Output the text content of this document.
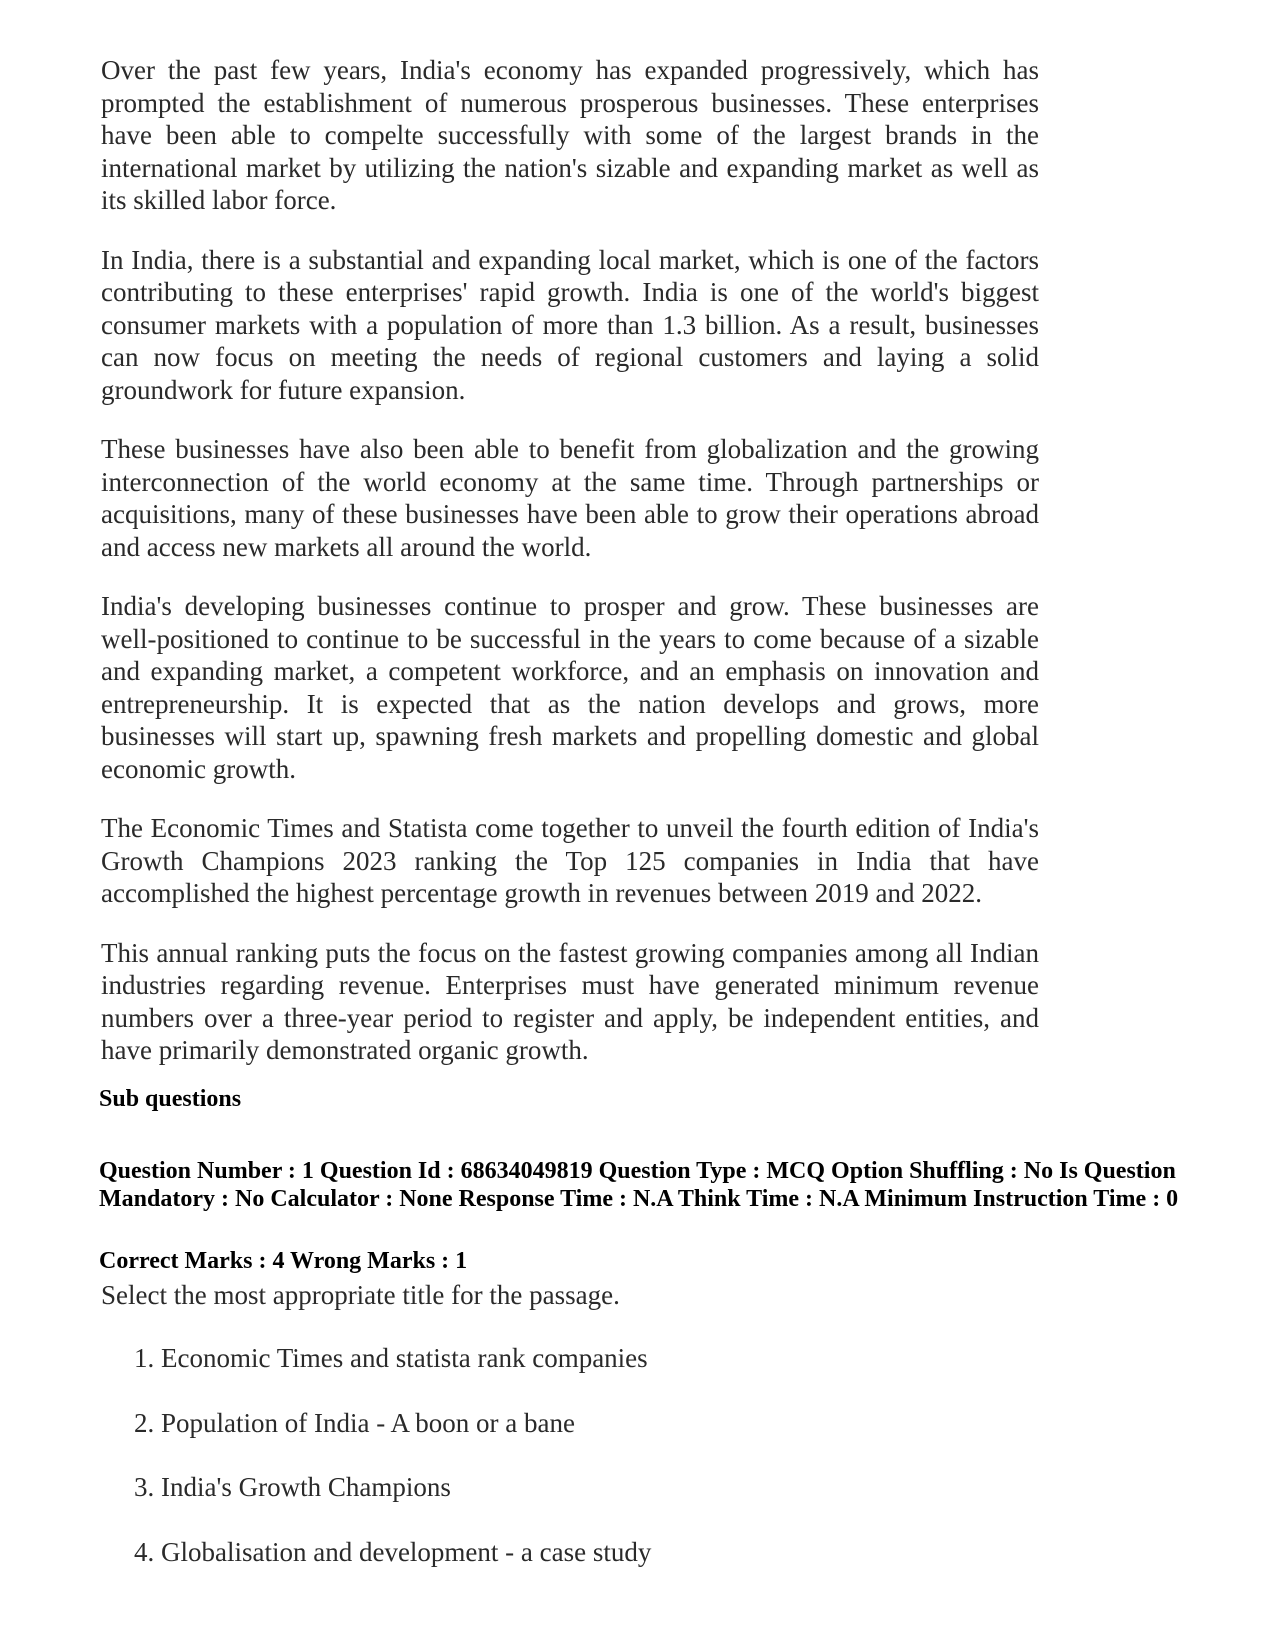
Over the past few years, India's economy has expanded progressively, which has prompted the establishment of numerous prosperous businesses. These enterprises have been able to compelte successfully with some of the largest brands in the international market by utilizing the nation's sizable and expanding market as well as its skilled labor force.

In India, there is a substantial and expanding local market, which is one of the factors contributing to these enterprises' rapid growth. India is one of the world's biggest consumer markets with a population of more than 1.3 billion. As a result, businesses can now focus on meeting the needs of regional customers and laying a solid groundwork for future expansion.

These businesses have also been able to benefit from globalization and the growing interconnection of the world economy at the same time. Through partnerships or acquisitions, many of these businesses have been able to grow their operations abroad and access new markets all around the world.

India's developing businesses continue to prosper and grow. These businesses are well-positioned to continue to be successful in the years to come because of a sizable and expanding market, a competent workforce, and an emphasis on innovation and entrepreneurship. It is expected that as the nation develops and grows, more businesses will start up, spawning fresh markets and propelling domestic and global economic growth.

The Economic Times and Statista come together to unveil the fourth edition of India's Growth Champions 2023 ranking the Top 125 companies in India that have accomplished the highest percentage growth in revenues between 2019 and 2022.

This annual ranking puts the focus on the fastest growing companies among all Indian industries regarding revenue. Enterprises must have generated minimum revenue numbers over a three-year period to register and apply, be independent entities, and have primarily demonstrated organic growth.

Sub questions
Question Number : 1 Question Id : 68634049819 Question Type : MCQ Option Shuffling : No Is Question Mandatory : No Calculator : None Response Time : N.A Think Time : N.A Minimum Instruction Time : 0
Correct Marks : 4 Wrong Marks : 1
Select the most appropriate title for the passage.
1. Economic Times and statista rank companies
2. Population of India - A boon or a bane
3. India's Growth Champions
4. Globalisation and development - a case study
